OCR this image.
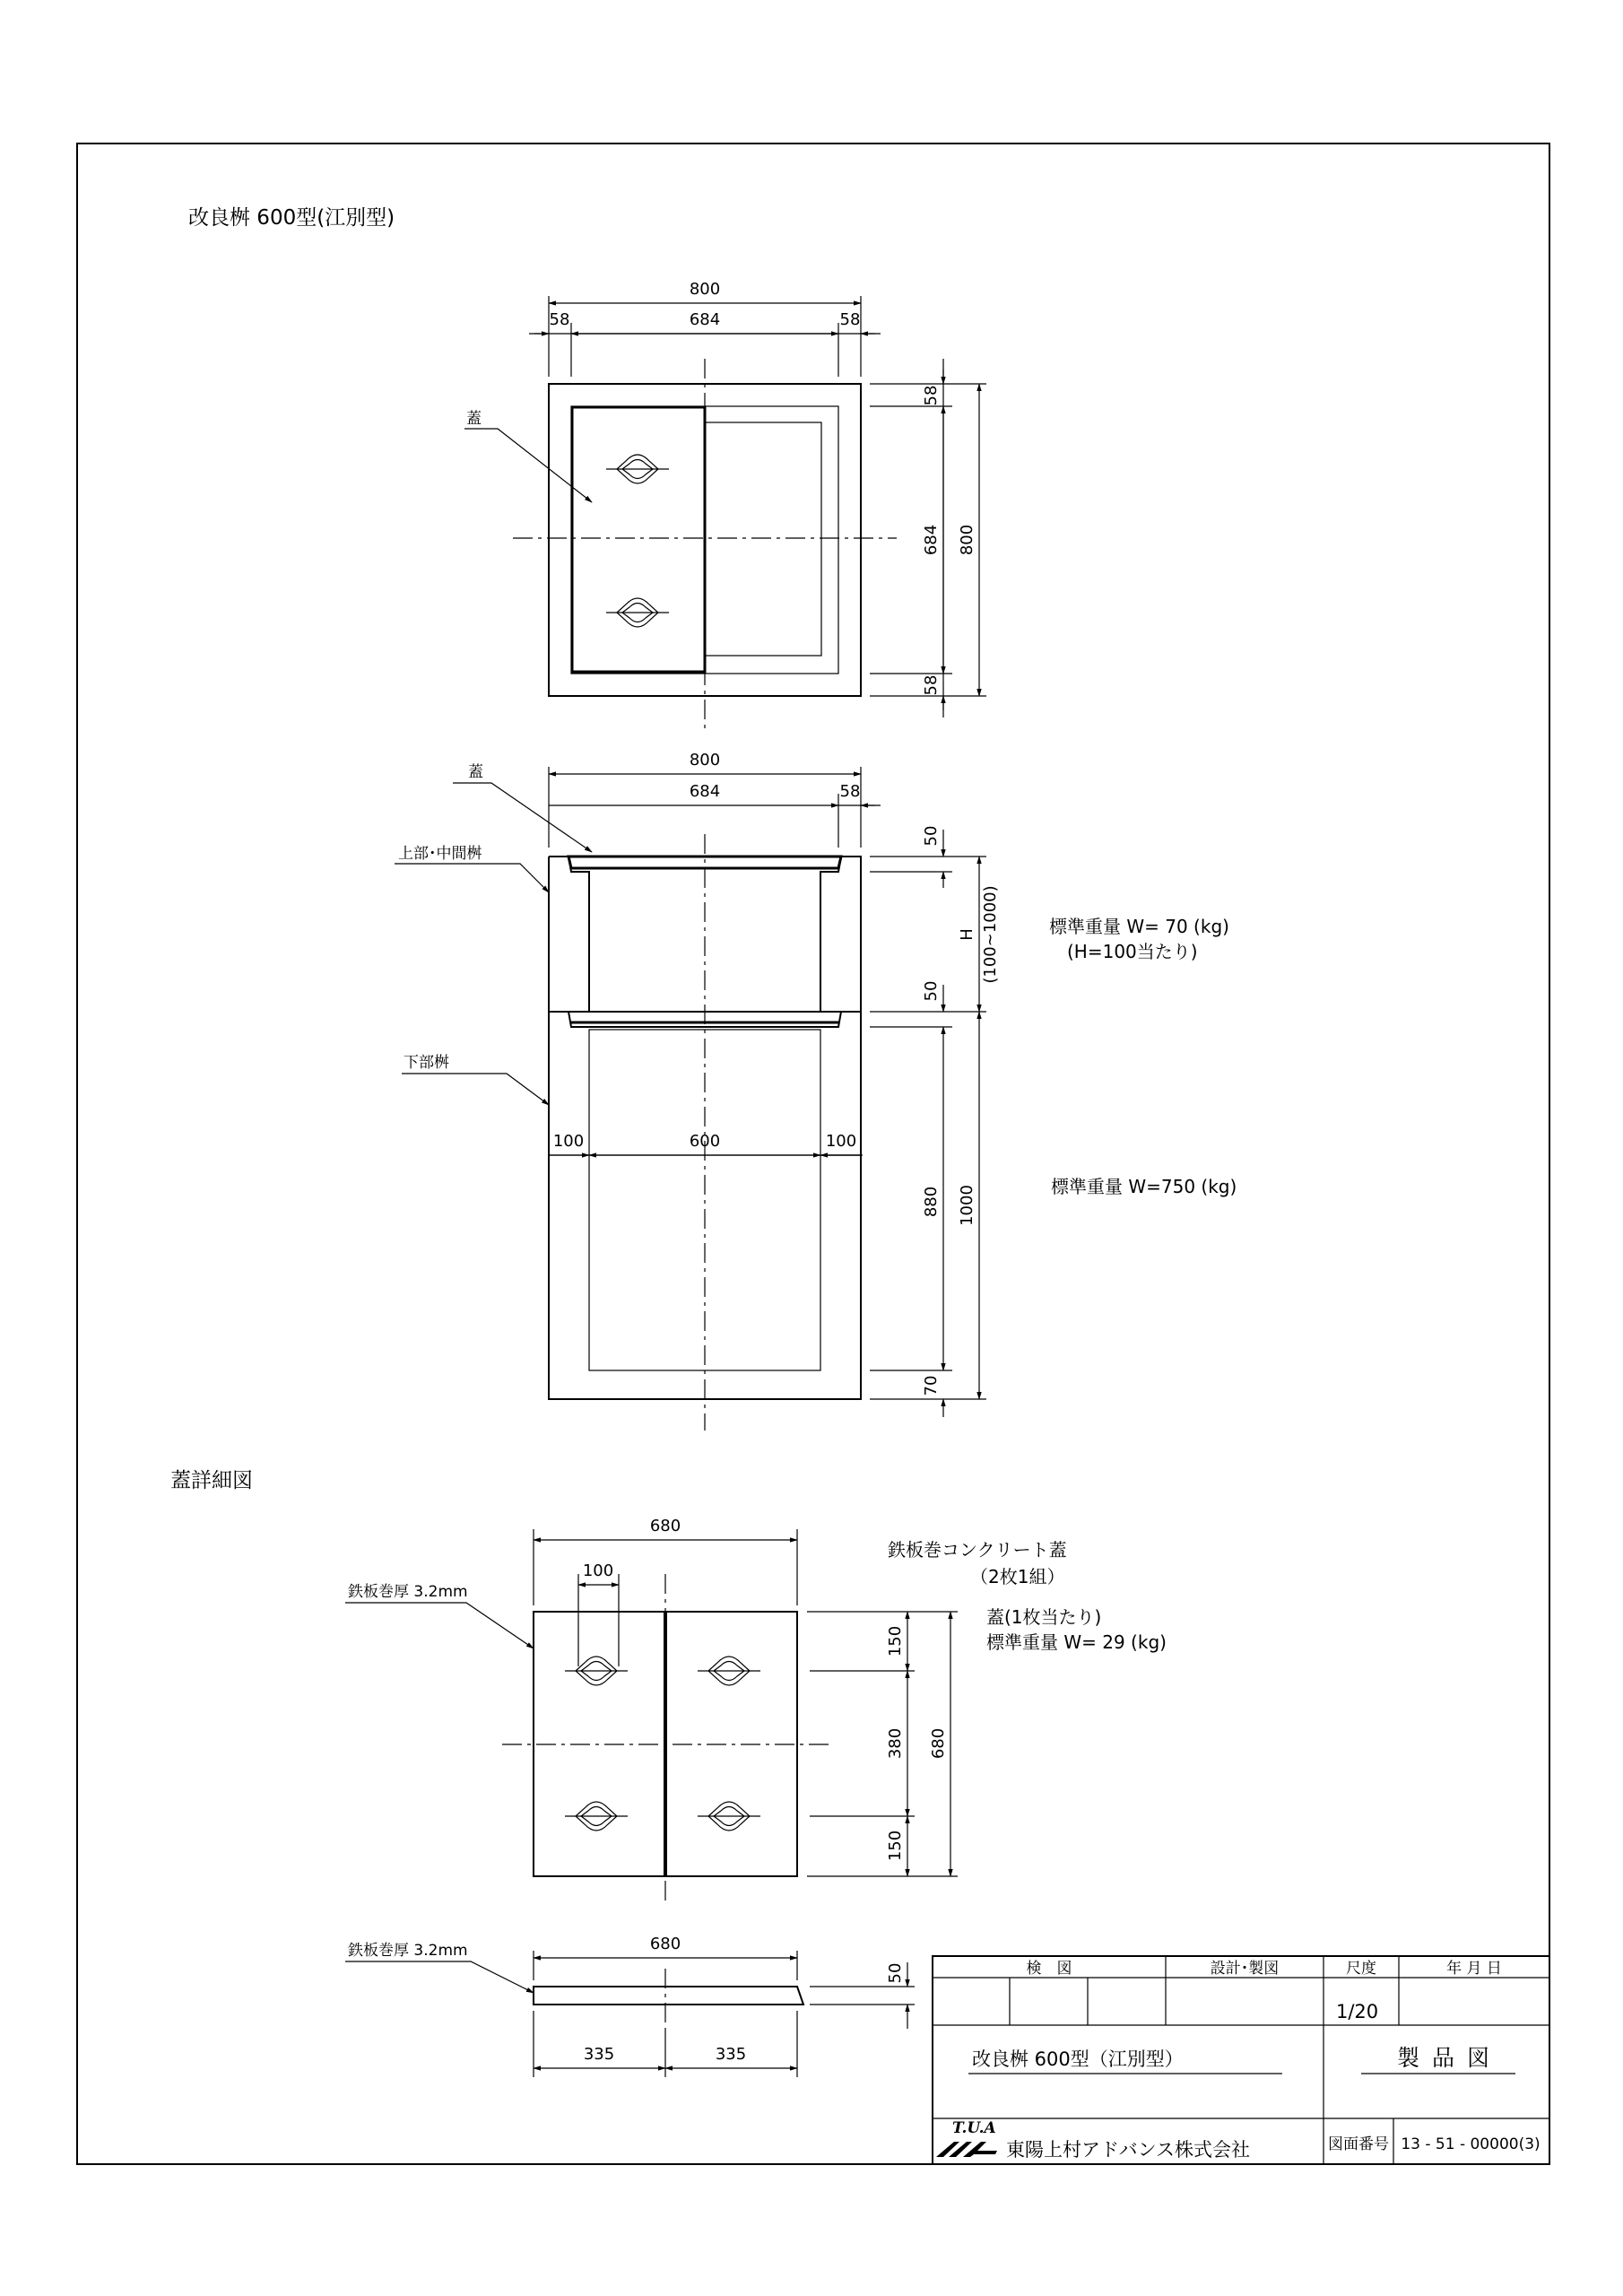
改良桝 600型(江別型)
蓋
800
58	684	58
58
684
58
800
蓋
上部･中間桝
下部桝
800
684	58
50
50
880
70
H (100~1000)
1000
100	600	100
標準重量 W= 70 (kg)
(H=100当たり)
標準重量 W=750 (kg)
蓋詳細図
鉄板巻厚 3.2mm
680
100
150
380
150
680
鉄板巻コンクリート蓋
（2枚1組）
蓋(1枚当たり)
標準重量 W= 29 (kg)
鉄板巻厚 3.2mm	680
335	335
50	検　図	設計･製図	尺度	年 月 日
1/20
改良桝 600型（江別型）	製品図
T.U.A
東陽上村アドバンス株式会社	図面番号 13 - 51 - 00000(3)
